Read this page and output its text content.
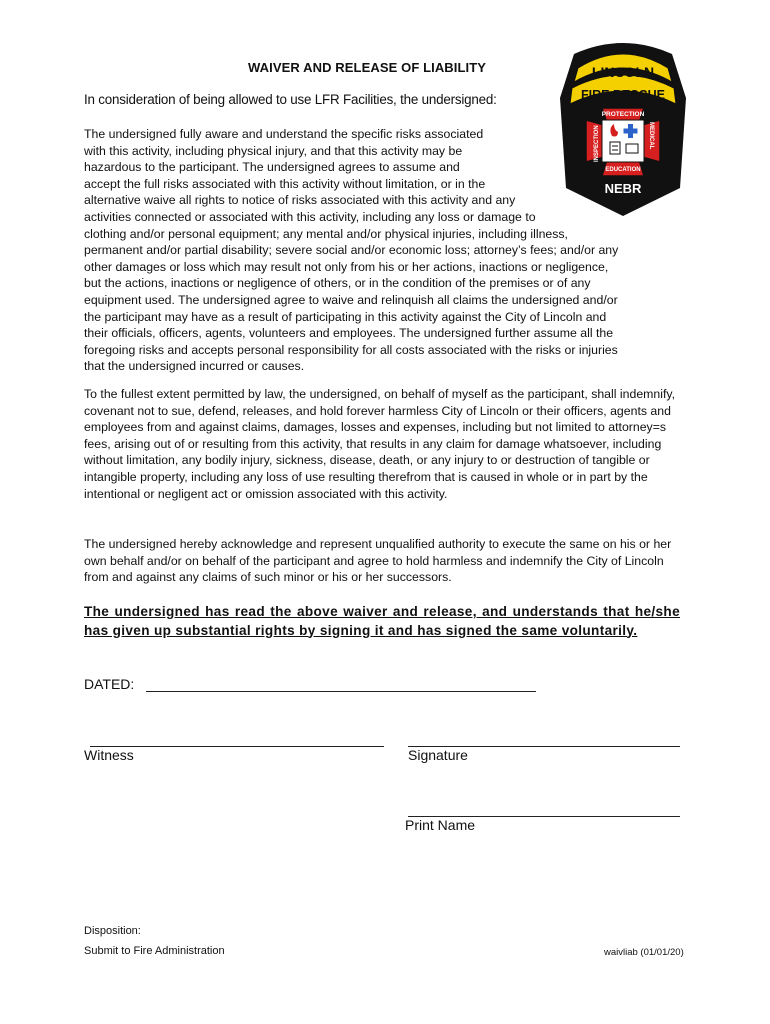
WAIVER AND RELEASE OF LIABILITY
In consideration of being allowed to use LFR Facilities, the undersigned:
The undersigned fully aware and understand the specific risks associated
with this activity, including physical injury, and that this activity may be
hazardous to the participant. The undersigned agrees to assume and
accept the full risks associated with this activity without limitation, or in the
alternative waive all rights to notice of risks associated with this activity and any
activities connected or associated with this activity, including any loss or damage to
clothing and/or personal equipment; any mental and/or physical injuries, including illness,
permanent and/or partial disability; severe social and/or economic loss; attorney’s fees; and/or any
other damages or loss which may result not only from his or her actions, inactions or negligence,
but the actions, inactions or negligence of others, or in the condition of the premises or of any
equipment used. The undersigned agree to waive and relinquish all claims the undersigned and/or
the participant may have as a result of participating in this activity against the City of Lincoln and
their officials, officers, agents, volunteers and employees. The undersigned further assume all the
foregoing risks and accepts personal responsibility for all costs associated with the risks or injuries
that the undersigned incurred or causes.
To the fullest extent permitted by law, the undersigned, on behalf of myself as the participant, shall indemnify, covenant not to sue, defend, releases, and hold forever harmless City of Lincoln or their officers, agents and employees from and against claims, damages, losses and expenses, including but not limited to attorney=s fees, arising out of or resulting from this activity, that results in any claim for damage whatsoever, including without limitation, any bodily injury, sickness, disease, death, or any injury to or destruction of tangible or intangible property, including any loss of use resulting therefrom that is caused in whole or in part by the intentional or negligent act or omission associated with this activity.
The undersigned hereby acknowledge and represent unqualified authority to execute the same on his or her own behalf and/or on behalf of the participant and agree to hold harmless and indemnify the City of Lincoln from and against any claims of such minor or his or her successors.
The undersigned has read the above waiver and release, and understands that he/she has given up substantial rights by signing it and has signed the same voluntarily.
DATED:
Witness	Signature
Print Name
Disposition:
Submit to Fire Administration	waivliab (01/01/20)
LINCOLN
FIRE RESCUE
PROTECTION
EDUCATION
INSPECTION	MEDICAL
NEBR
